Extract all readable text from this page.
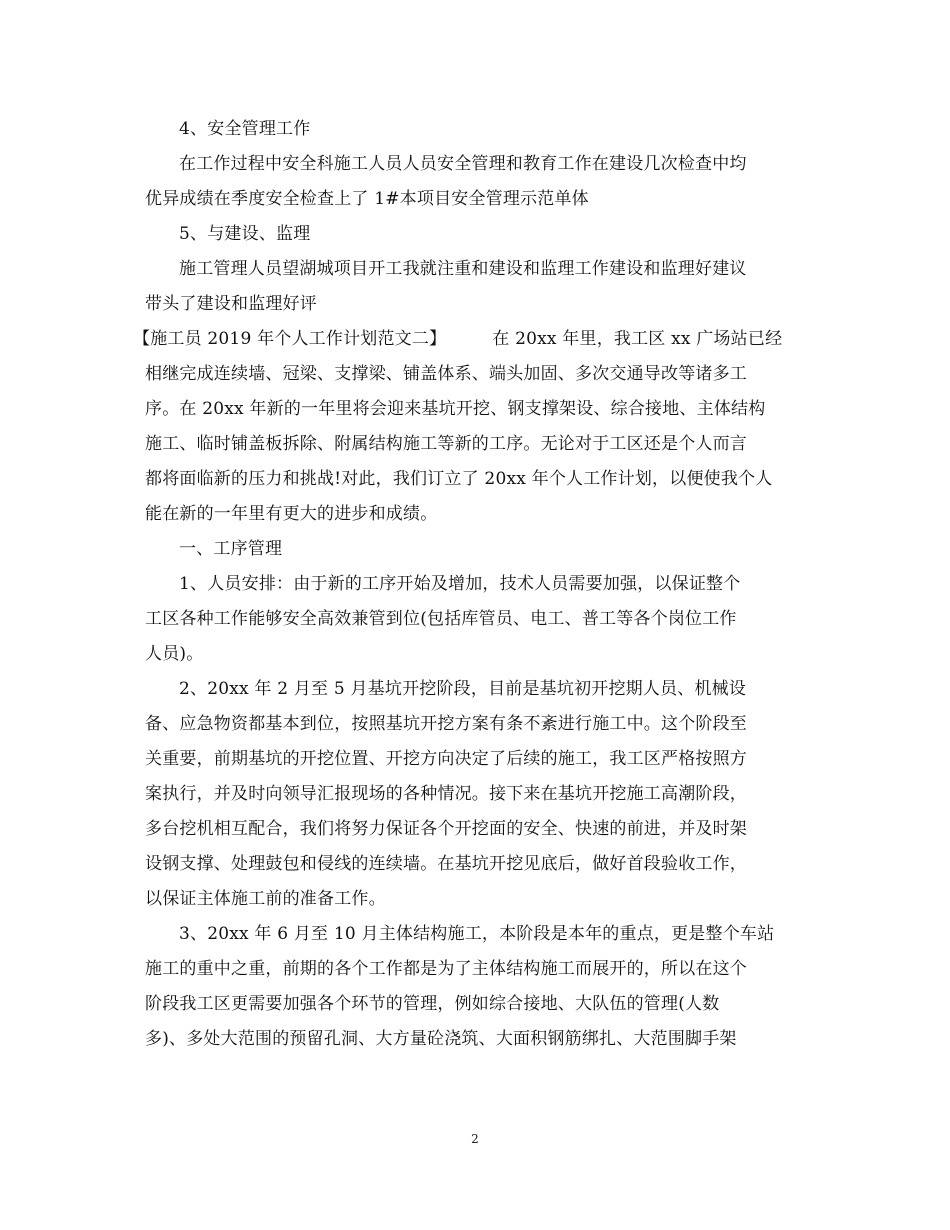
4、安全管理工作

在工作过程中安全科施工人员人员安全管理和教育工作在建设几次检查中均
优异成绩在季度安全检查上了 1#本项目安全管理示范单体

5、与建设、监理

施工管理人员望湖城项目开工我就注重和建设和监理工作建设和监理好建议
带头了建设和监理好评

【施工员 2019 年个人工作计划范文二】	在 20xx 年里，我工区 xx 广场站已经
相继完成连续墙、冠梁、支撑梁、铺盖体系、端头加固、多次交通导改等诸多工
序。在 20xx 年新的一年里将会迎来基坑开挖、钢支撑架设、综合接地、主体结构
施工、临时铺盖板拆除、附属结构施工等新的工序。无论对于工区还是个人而言
都将面临新的压力和挑战!对此，我们订立了 20xx 年个人工作计划，以便使我个人
能在新的一年里有更大的进步和成绩。

一、工序管理

1、人员安排：由于新的工序开始及增加，技术人员需要加强，以保证整个
工区各种工作能够安全高效兼管到位(包括库管员、电工、普工等各个岗位工作
人员)。

2、20xx 年 2 月至 5 月基坑开挖阶段，目前是基坑初开挖期人员、机械设
备、应急物资都基本到位，按照基坑开挖方案有条不紊进行施工中。这个阶段至
关重要，前期基坑的开挖位置、开挖方向决定了后续的施工，我工区严格按照方
案执行，并及时向领导汇报现场的各种情况。接下来在基坑开挖施工高潮阶段，
多台挖机相互配合，我们将努力保证各个开挖面的安全、快速的前进，并及时架
设钢支撑、处理鼓包和侵线的连续墙。在基坑开挖见底后，做好首段验收工作，
以保证主体施工前的准备工作。

3、20xx 年 6 月至 10 月主体结构施工，本阶段是本年的重点，更是整个车站
施工的重中之重，前期的各个工作都是为了主体结构施工而展开的，所以在这个
阶段我工区更需要加强各个环节的管理，例如综合接地、大队伍的管理(人数
多)、多处大范围的预留孔洞、大方量砼浇筑、大面积钢筋绑扎、大范围脚手架

2
